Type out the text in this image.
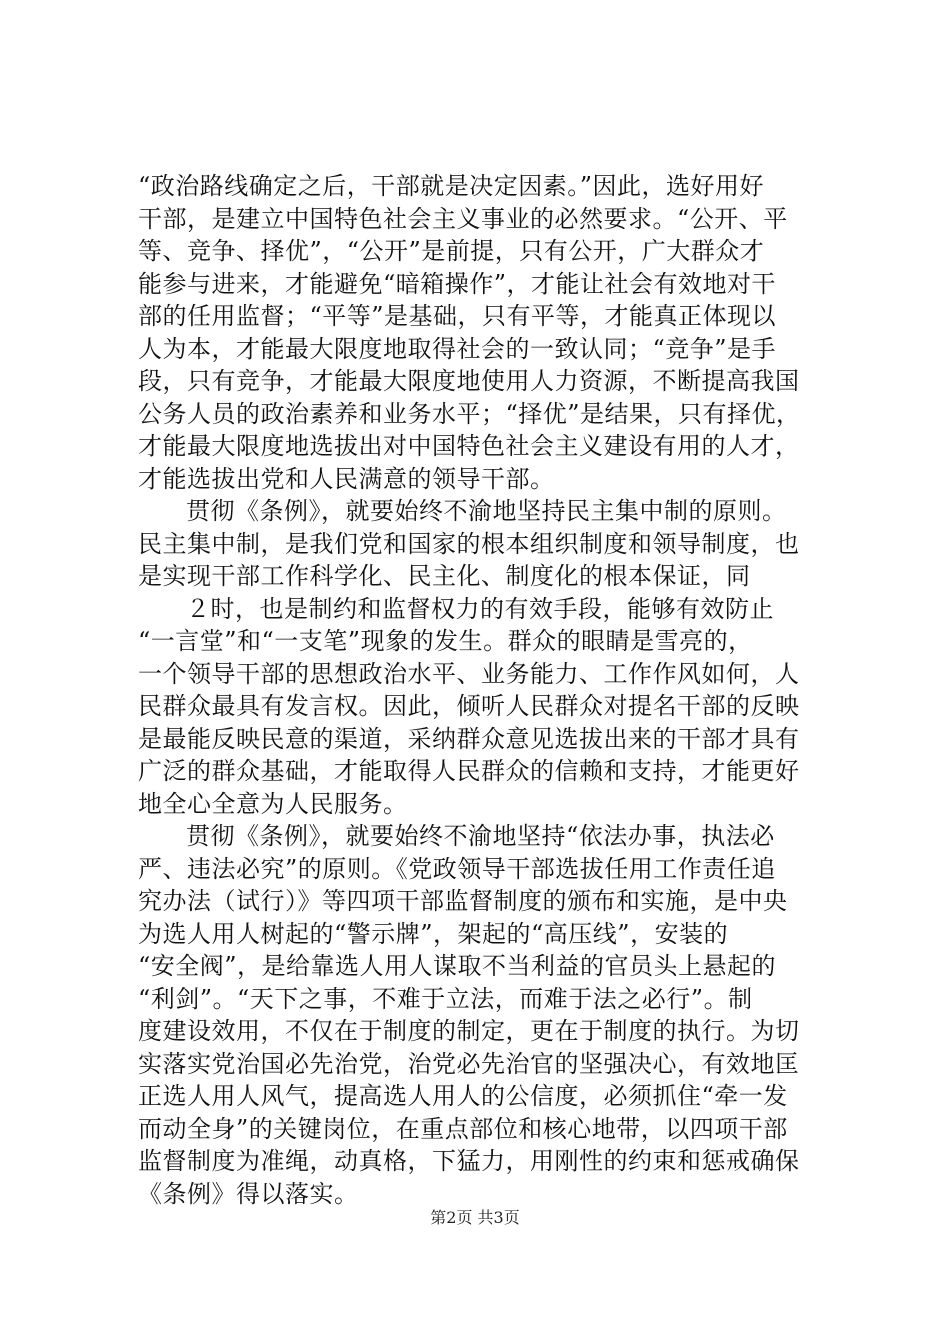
“政治路线确定之后，干部就是决定因素。”因此，选好用好
干部，是建立中国特色社会主义事业的必然要求。“公开、平
等、竞争、择优”，“公开”是前提，只有公开，广大群众才
能参与进来，才能避免“暗箱操作”，才能让社会有效地对干
部的任用监督；“平等”是基础，只有平等，才能真正体现以
人为本，才能最大限度地取得社会的一致认同；“竞争”是手
段，只有竞争，才能最大限度地使用人力资源，不断提高我国
公务人员的政治素养和业务水平；“择优”是结果，只有择优，
才能最大限度地选拔出对中国特色社会主义建设有用的人才，
才能选拔出党和人民满意的领导干部。
贯彻《条例》，就要始终不渝地坚持民主集中制的原则。
民主集中制，是我们党和国家的根本组织制度和领导制度，也
是实现干部工作科学化、民主化、制度化的根本保证，同
２时，也是制约和监督权力的有效手段，能够有效防止
“一言堂”和“一支笔”现象的发生。群众的眼睛是雪亮的，
一个领导干部的思想政治水平、业务能力、工作作风如何，人
民群众最具有发言权。因此，倾听人民群众对提名干部的反映
是最能反映民意的渠道，采纳群众意见选拔出来的干部才具有
广泛的群众基础，才能取得人民群众的信赖和支持，才能更好
地全心全意为人民服务。
贯彻《条例》，就要始终不渝地坚持“依法办事，执法必
严、违法必究”的原则。《党政领导干部选拔任用工作责任追
究办法（试行）》等四项干部监督制度的颁布和实施，是中央
为选人用人树起的“警示牌”，架起的“高压线”，安装的
“安全阀”，是给靠选人用人谋取不当利益的官员头上悬起的
“利剑”。“天下之事，不难于立法，而难于法之必行”。制
度建设效用，不仅在于制度的制定，更在于制度的执行。为切
实落实党治国必先治党，治党必先治官的坚强决心，有效地匡
正选人用人风气，提高选人用人的公信度，必须抓住“牵一发
而动全身”的关键岗位，在重点部位和核心地带，以四项干部
监督制度为准绳，动真格，下猛力，用刚性的约束和惩戒确保
《条例》得以落实。
第2页 共3页
